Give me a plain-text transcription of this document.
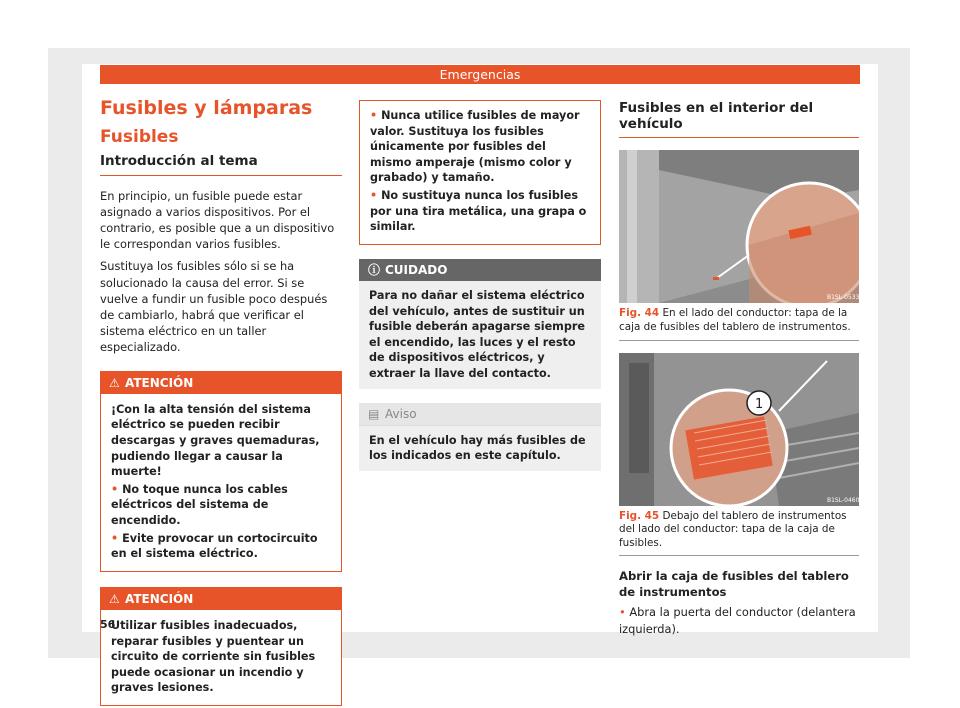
Emergencias
Fusibles y lámparas
Fusibles
Introducción al tema

En principio, un fusible puede estar asignado a varios dispositivos. Por el contrario, es posible que a un dispositivo le correspondan varios fusibles.

Sustituya los fusibles sólo si se ha solucionado la causa del error. Si se vuelve a fundir un fusible poco después de cambiarlo, habrá que verificar el sistema eléctrico en un taller especializado.

⚠ ATENCIÓN

¡Con la alta tensión del sistema eléctrico se pueden recibir descargas y graves quemaduras, pudiendo llegar a causar la muerte!

• No toque nunca los cables eléctricos del sistema de encendido.

• Evite provocar un cortocircuito en el sistema eléctrico.

⚠ ATENCIÓN

Utilizar fusibles inadecuados, reparar fusibles y puentear un circuito de corriente sin fusibles puede ocasionar un incendio y graves lesiones.

• Nunca utilice fusibles de mayor valor. Sustituya los fusibles únicamente por fusibles del mismo amperaje (mismo color y grabado) y tamaño.

• No sustituya nunca los fusibles por una tira metálica, una grapa o similar.

ⓘ CUIDADO
Para no dañar el sistema eléctrico del vehículo, antes de sustituir un fusible deberán apagarse siempre el encendido, las luces y el resto de dispositivos eléctricos, y extraer la llave del contacto.
▤ Aviso
En el vehículo hay más fusibles de los indicados en este capítulo.
Fusibles en el interior del vehículo
B1SL-0533
Fig. 44 En el lado del conductor: tapa de la caja de fusibles del tablero de instrumentos.
1
B1SL-0460
Fig. 45 Debajo del tablero de instrumentos del lado del conductor: tapa de la caja de fusibles.
Abrir la caja de fusibles del tablero de instrumentos

• Abra la puerta del conductor (delantera izquierda).

56
